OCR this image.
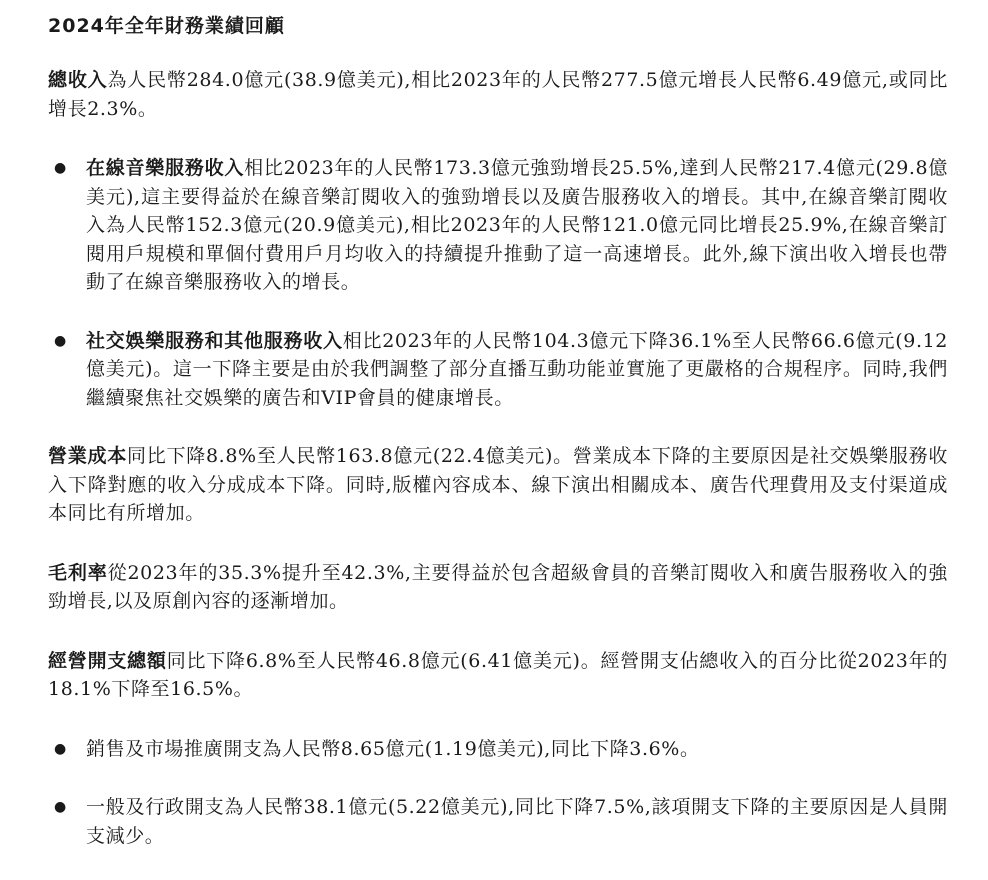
2024年全年財務業績回顧

總收入為人民幣284.0億元(38.9億美元),相比2023年的人民幣277.5億元增長人民幣6.49億元,或同比增長2.3%。

● 在線音樂服務收入相比2023年的人民幣173.3億元強勁增長25.5%,達到人民幣217.4億元(29.8億美元),這主要得益於在線音樂訂閱收入的強勁增長以及廣告服務收入的增長。其中,在線音樂訂閱收入為人民幣152.3億元(20.9億美元),相比2023年的人民幣121.0億元同比增長25.9%,在線音樂訂閱用戶規模和單個付費用戶月均收入的持續提升推動了這一高速增長。此外,線下演出收入增長也帶動了在線音樂服務收入的增長。
● 社交娛樂服務和其他服務收入相比2023年的人民幣104.3億元下降36.1%至人民幣66.6億元(9.12億美元)。這一下降主要是由於我們調整了部分直播互動功能並實施了更嚴格的合規程序。同時,我們繼續聚焦社交娛樂的廣告和VIP會員的健康增長。

營業成本同比下降8.8%至人民幣163.8億元(22.4億美元)。營業成本下降的主要原因是社交娛樂服務收入下降對應的收入分成成本下降。同時,版權內容成本、線下演出相關成本、廣告代理費用及支付渠道成本同比有所增加。

毛利率從2023年的35.3%提升至42.3%,主要得益於包含超級會員的音樂訂閱收入和廣告服務收入的強勁增長,以及原創內容的逐漸增加。

經營開支總額同比下降6.8%至人民幣46.8億元(6.41億美元)。經營開支佔總收入的百分比從2023年的18.1%下降至16.5%。

● 銷售及市場推廣開支為人民幣8.65億元(1.19億美元),同比下降3.6%。
● 一般及行政開支為人民幣38.1億元(5.22億美元),同比下降7.5%,該項開支下降的主要原因是人員開支減少。
